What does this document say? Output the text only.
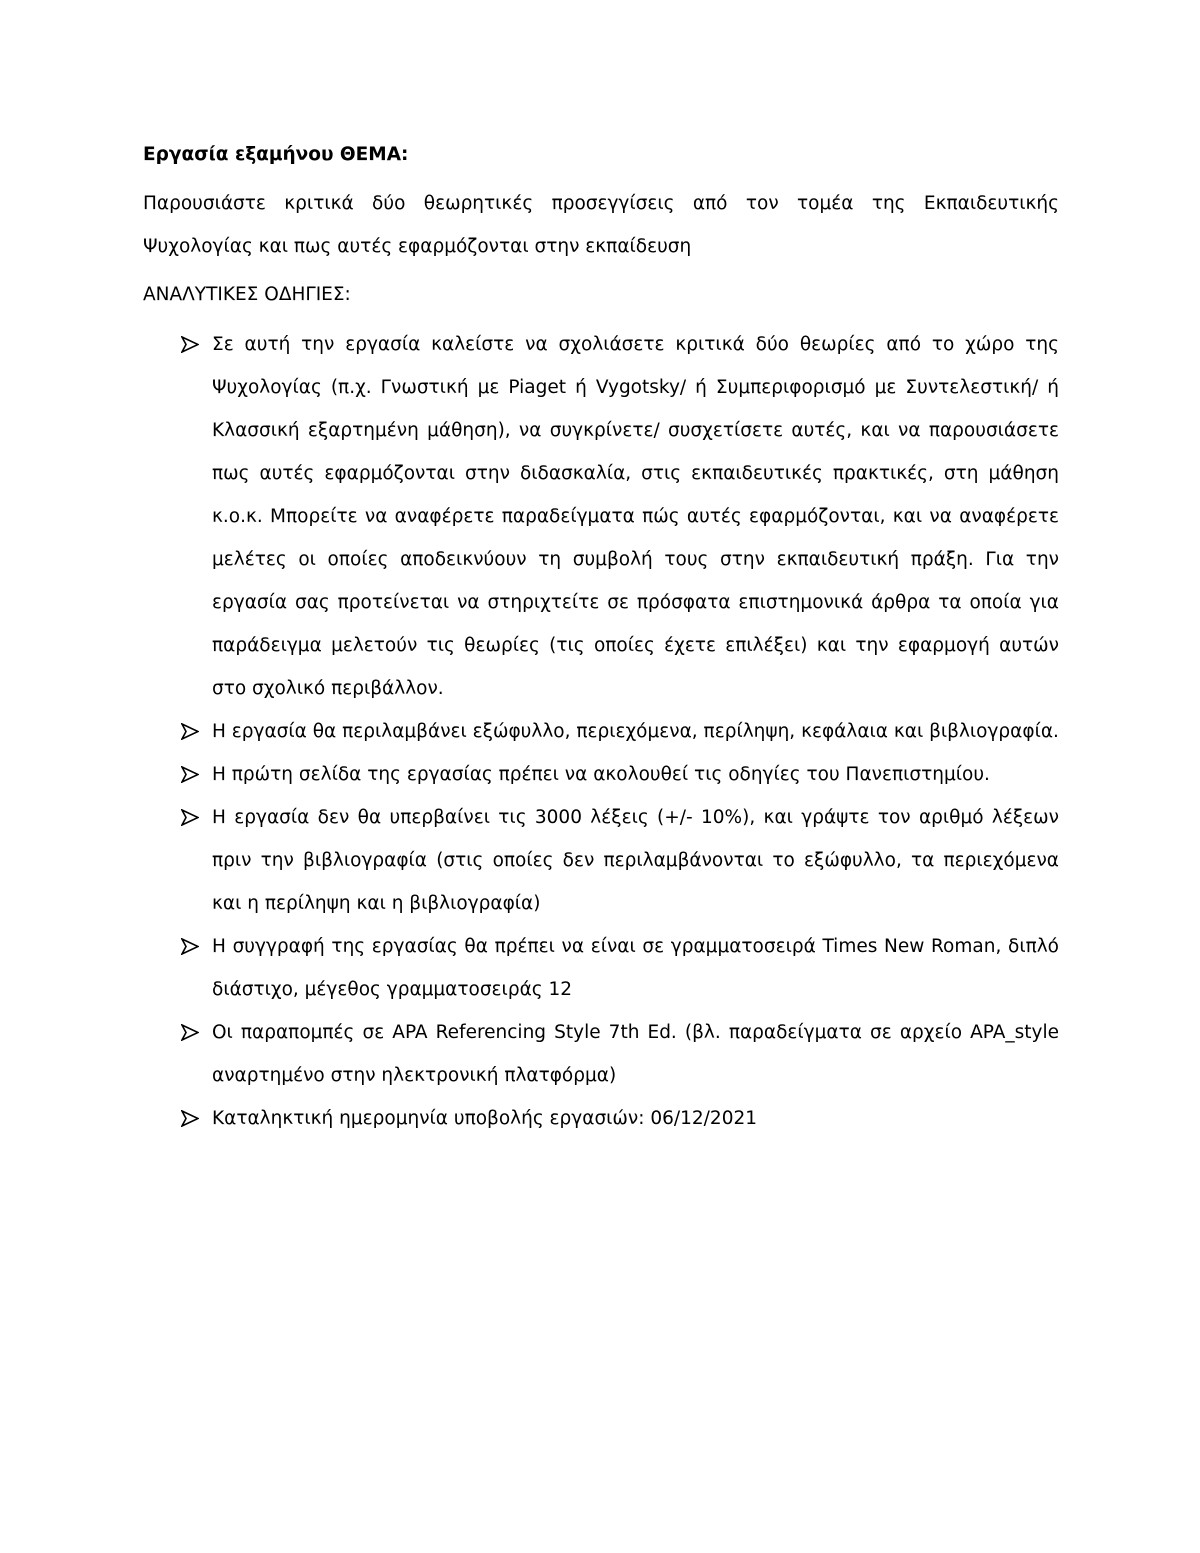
Εργασία εξαμήνου ΘΕΜΑ:

Παρουσιάστε κριτικά δύο θεωρητικές προσεγγίσεις από τον τομέα της Εκπαιδευτικής Ψυχολογίας και πως αυτές εφαρμόζονται στην εκπαίδευση

ΑΝΑΛΥΤΙΚΕΣ ΟΔΗΓΙΕΣ:

Σε αυτή την εργασία καλείστε να σχολιάσετε κριτικά δύο θεωρίες από το χώρο της Ψυχολογίας (π.χ. Γνωστική με Piaget ή Vygotsky/ ή Συμπεριφορισμό με Συντελεστική/ ή Κλασσική εξαρτημένη μάθηση), να συγκρίνετε/ συσχετίσετε αυτές, και να παρουσιάσετε πως αυτές εφαρμόζονται στην διδασκαλία, στις εκπαιδευτικές πρακτικές, στη μάθηση κ.ο.κ. Μπορείτε να αναφέρετε παραδείγματα πώς αυτές εφαρμόζονται, και να αναφέρετε μελέτες οι οποίες αποδεικνύουν τη συμβολή τους στην εκπαιδευτική πράξη. Για την εργασία σας προτείνεται να στηριχτείτε σε πρόσφατα επιστημονικά άρθρα τα οποία για παράδειγμα μελετούν τις θεωρίες (τις οποίες έχετε επιλέξει) και την εφαρμογή αυτών στο σχολικό περιβάλλον.
Η εργασία θα περιλαμβάνει εξώφυλλο, περιεχόμενα, περίληψη, κεφάλαια και βιβλιογραφία.
Η πρώτη σελίδα της εργασίας πρέπει να ακολουθεί τις οδηγίες του Πανεπιστημίου.
Η εργασία δεν θα υπερβαίνει τις 3000 λέξεις (+/- 10%), και γράψτε τον αριθμό λέξεων πριν την βιβλιογραφία (στις οποίες δεν περιλαμβάνονται το εξώφυλλο, τα περιεχόμενα και η περίληψη και η βιβλιογραφία)
Η συγγραφή της εργασίας θα πρέπει να είναι σε γραμματοσειρά Times New Roman, διπλό διάστιχο, μέγεθος γραμματοσειράς 12
Οι παραπομπές σε APA Referencing Style 7th Ed. (βλ. παραδείγματα σε αρχείο APA_style αναρτημένο στην ηλεκτρονική πλατφόρμα)
Καταληκτική ημερομηνία υποβολής εργασιών: 06/12/2021
